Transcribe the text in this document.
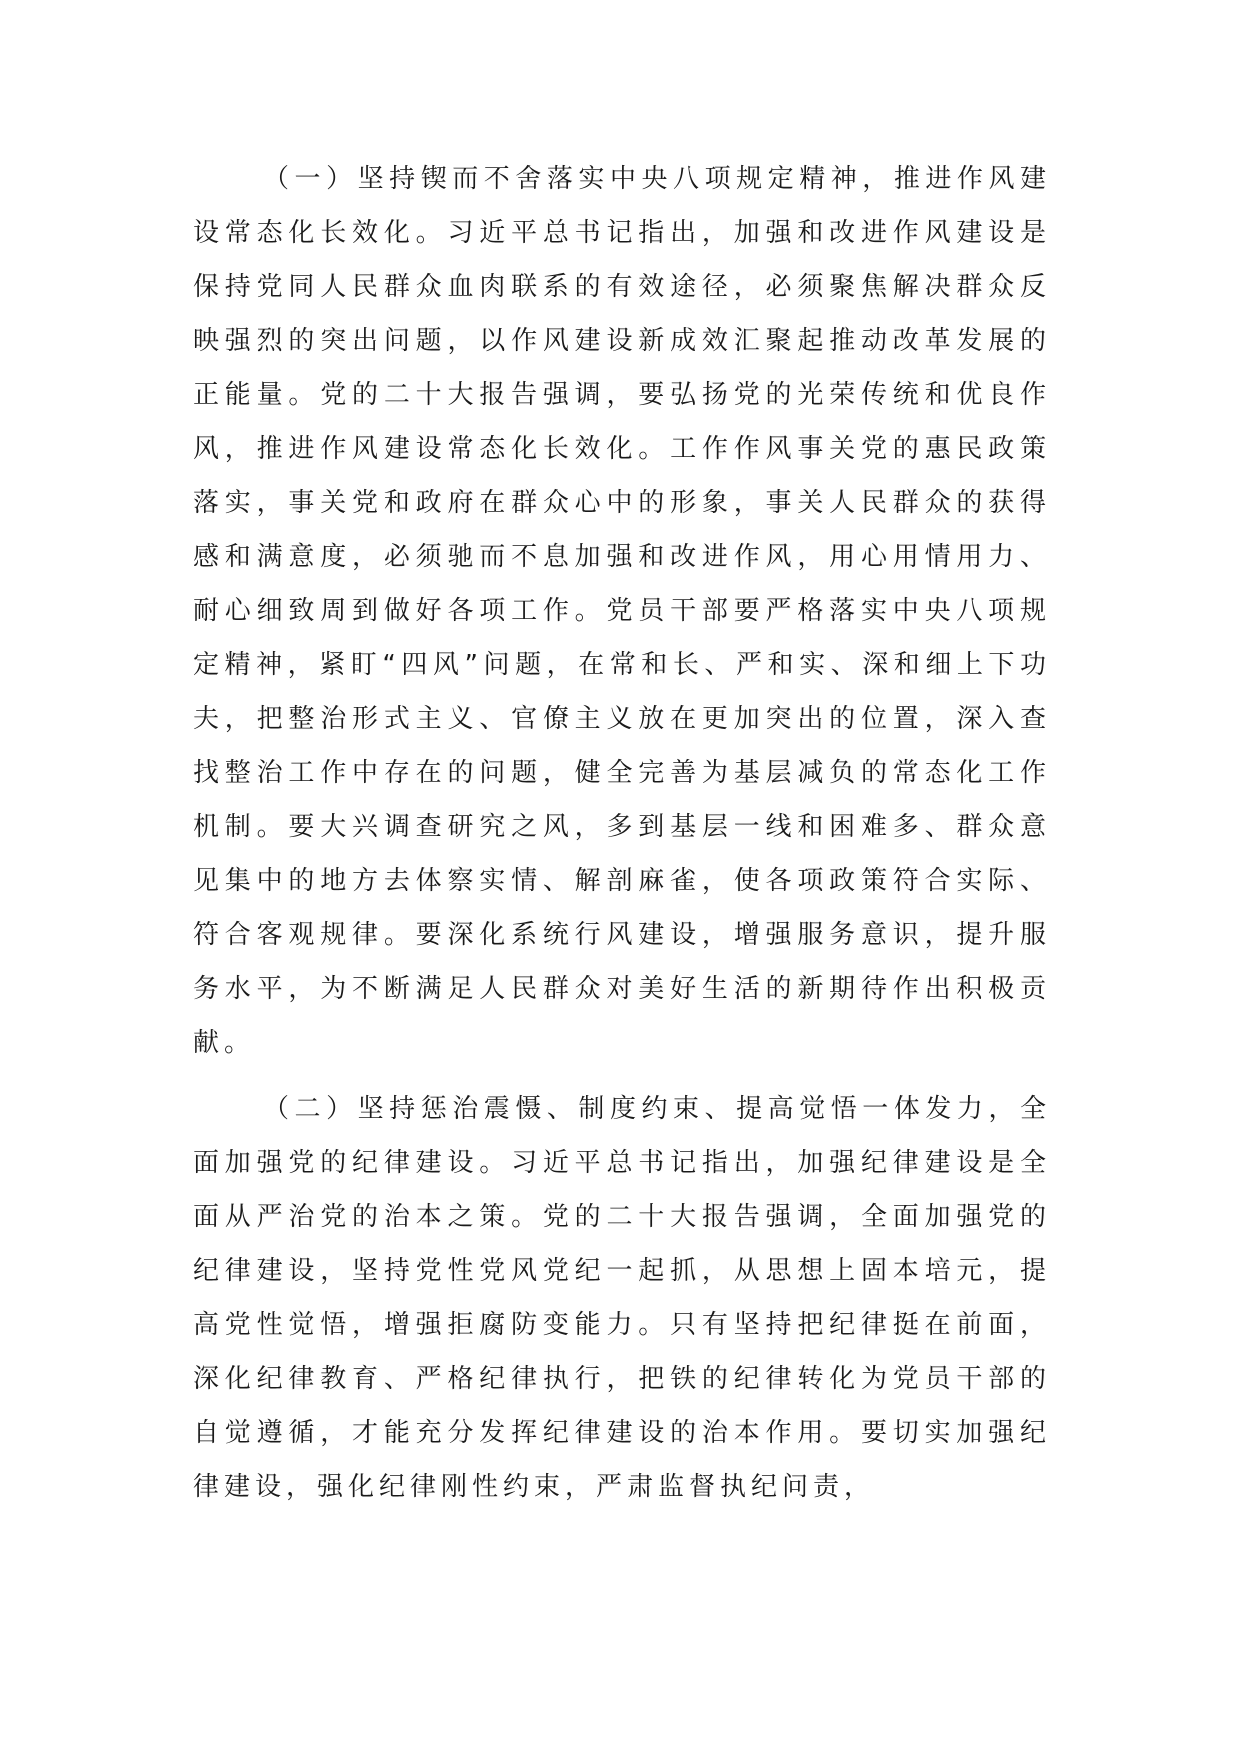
（一）坚持锲而不舍落实中央八项规定精神，推进作风建设常态化长效化。习近平总书记指出，加强和改进作风建设是保持党同人民群众血肉联系的有效途径，必须聚焦解决群众反映强烈的突出问题，以作风建设新成效汇聚起推动改革发展的正能量。党的二十大报告强调，要弘扬党的光荣传统和优良作风，推进作风建设常态化长效化。工作作风事关党的惠民政策落实，事关党和政府在群众心中的形象，事关人民群众的获得感和满意度，必须驰而不息加强和改进作风，用心用情用力、耐心细致周到做好各项工作。党员干部要严格落实中央八项规定精神，紧盯“四风”问题，在常和长、严和实、深和细上下功夫，把整治形式主义、官僚主义放在更加突出的位置，深入查找整治工作中存在的问题，健全完善为基层减负的常态化工作机制。要大兴调查研究之风，多到基层一线和困难多、群众意见集中的地方去体察实情、解剖麻雀，使各项政策符合实际、符合客观规律。要深化系统行风建设，增强服务意识，提升服务水平，为不断满足人民群众对美好生活的新期待作出积极贡献。

（二）坚持惩治震慑、制度约束、提高觉悟一体发力，全面加强党的纪律建设。习近平总书记指出，加强纪律建设是全面从严治党的治本之策。党的二十大报告强调，全面加强党的纪律建设，坚持党性党风党纪一起抓，从思想上固本培元，提高党性觉悟，增强拒腐防变能力。只有坚持把纪律挺在前面，深化纪律教育、严格纪律执行，把铁的纪律转化为党员干部的自觉遵循，才能充分发挥纪律建设的治本作用。要切实加强纪律建设，强化纪律刚性约束，严肃监督执纪问责，
